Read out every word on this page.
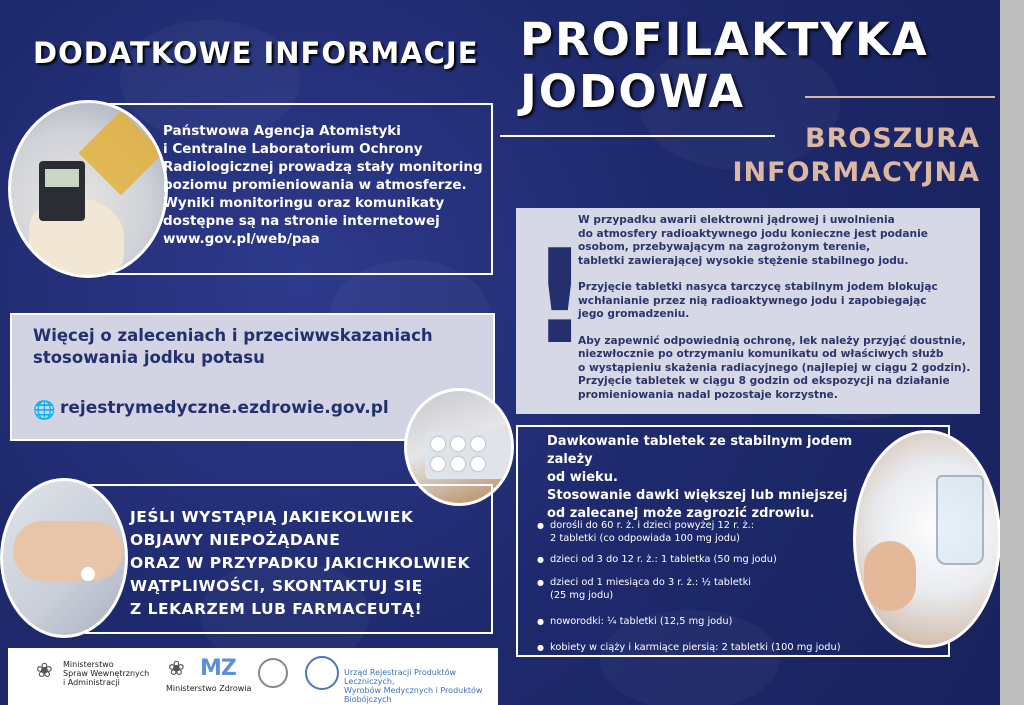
DODATKOWE INFORMACJE PROFILAKTYKA
JODOWA
BROSZURA
INFORMACYJNA
Państwowa Agencja Atomistyki
i Centralne Laboratorium Ochrony
Radiologicznej prowadzą stały monitoring
poziomu promieniowania w atmosferze.
Wyniki monitoringu oraz komunikaty
dostępne są na stronie internetowej
www.gov.pl/web/paa
Więcej o zaleceniach i przeciwwskazaniach
stosowania jodku potasu
🌐 rejestrymedyczne.ezdrowie.gov.pl
JEŚLI WYSTĄPIĄ JAKIEKOLWIEK
OBJAWY NIEPOŻĄDANE
ORAZ W PRZYPADKU JAKICHKOLWIEK
WĄTPLIWOŚCI, SKONTAKTUJ SIĘ
Z LEKARZEM LUB FARMACEUTĄ!
❀ Ministerstwo
Spraw Wewnętrznych
i Administracji
❀ MZ
Ministerstwo Zdrowia
Urząd Rejestracji Produktów Leczniczych,
Wyrobów Medycznych i Produktów Biobójczych
!

W przypadku awarii elektrowni jądrowej i uwolnienia
do atmosfery radioaktywnego jodu konieczne jest podanie
osobom, przebywającym na zagrożonym terenie,
tabletki zawierającej wysokie stężenie stabilnego jodu.

Przyjęcie tabletki nasyca tarczycę stabilnym jodem blokując
wchłanianie przez nią radioaktywnego jodu i zapobiegając
jego gromadzeniu.

Aby zapewnić odpowiednią ochronę, lek należy przyjąć doustnie,
niezwłocznie po otrzymaniu komunikatu od właściwych służb
o wystąpieniu skażenia radiacyjnego (najlepiej w ciągu 2 godzin).
Przyjęcie tabletek w ciągu 8 godzin od ekspozycji na działanie
promieniowania nadal pozostaje korzystne.

Dawkowanie tabletek ze stabilnym jodem zależy
od wieku.
Stosowanie dawki większej lub mniejszej
od zalecanej może zagrozić zdrowiu.
● dorośli do 60 r. ż. i dzieci powyżej 12 r. ż.:
2 tabletki (co odpowiada 100 mg jodu)
● dzieci od 3 do 12 r. ż.: 1 tabletka (50 mg jodu)
● dzieci od 1 miesiąca do 3 r. ż.: ½ tabletki
(25 mg jodu)
● noworodki: ¼ tabletki (12,5 mg jodu)
● kobiety w ciąży i karmiące piersią: 2 tabletki (100 mg jodu)
